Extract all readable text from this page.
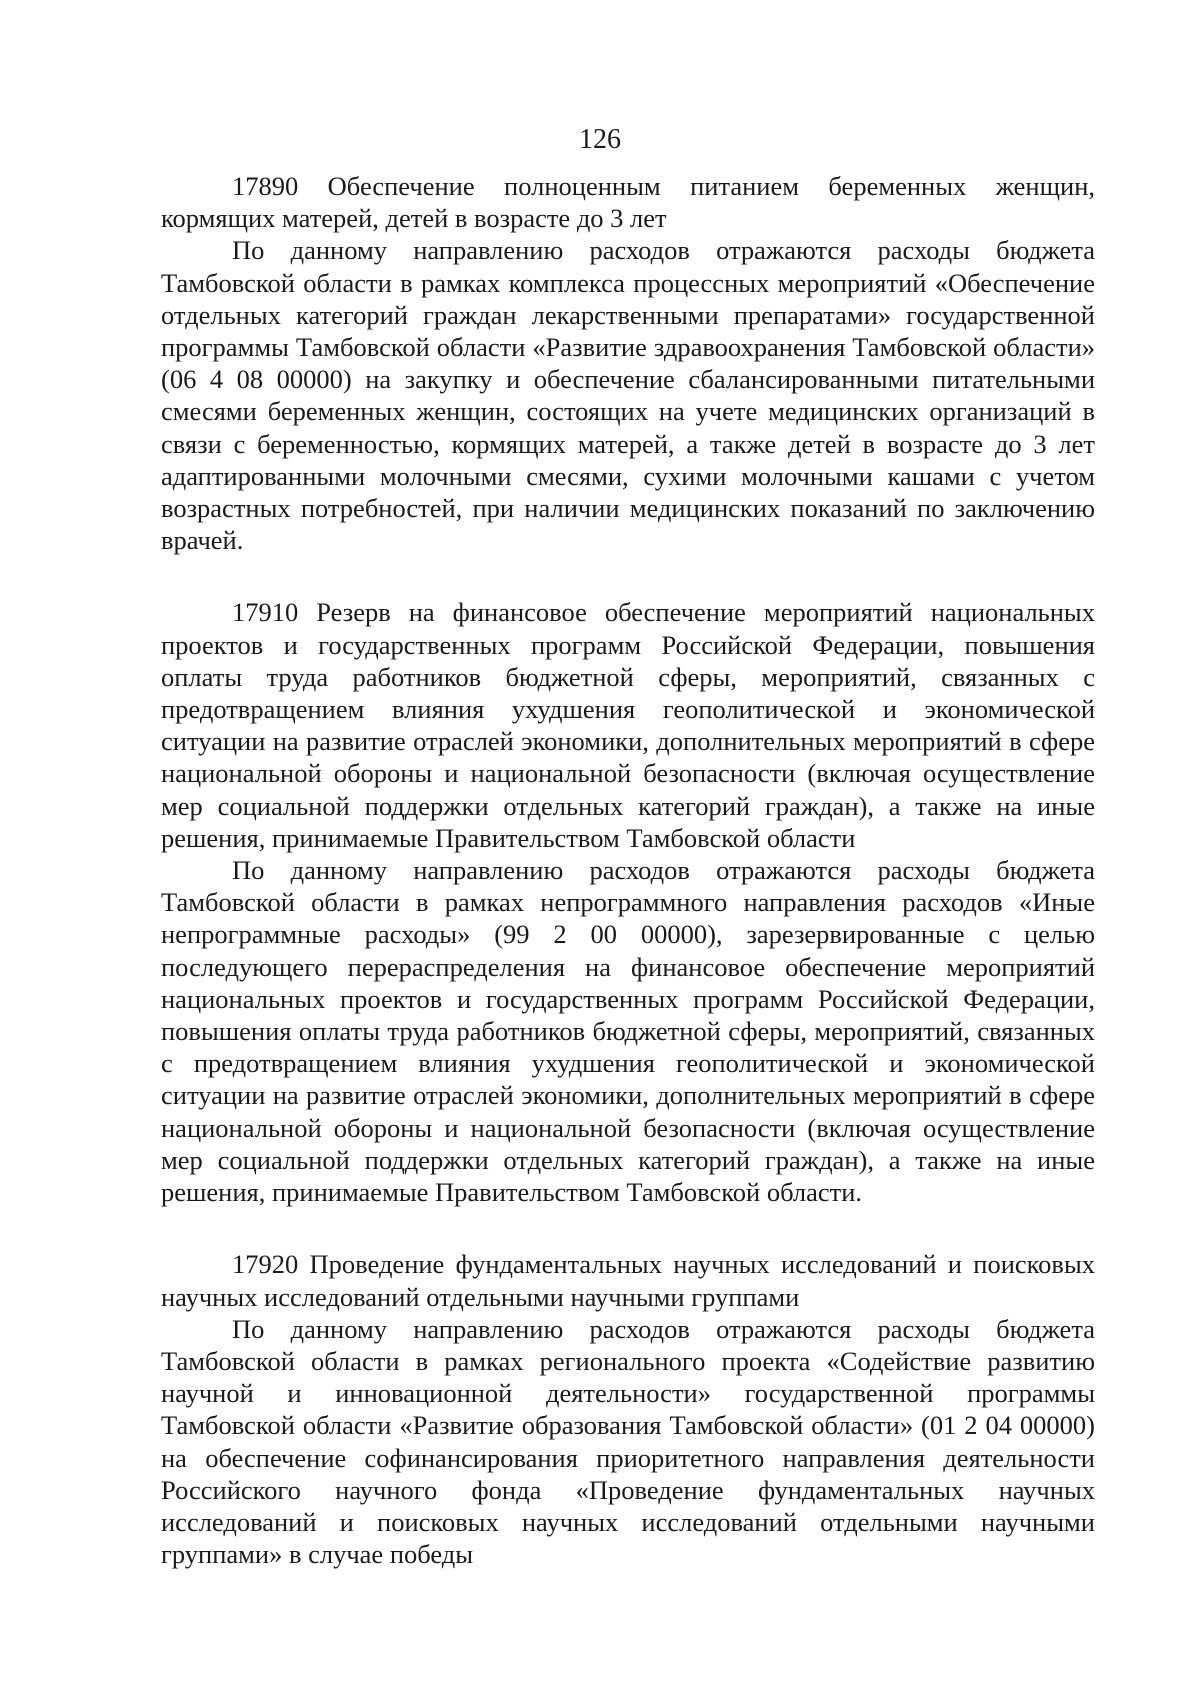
126

17890 Обеспечение полноценным питанием беременных женщин, кормящих матерей, детей в возрасте до 3 лет

По данному направлению расходов отражаются расходы бюджета Тамбовской области в рамках комплекса процессных мероприятий «Обеспечение отдельных категорий граждан лекарственными препаратами» государственной программы Тамбовской области «Развитие здравоохранения Тамбовской области» (06 4 08 00000) на закупку и обеспечение сбалансированными питательными смесями беременных женщин, состоящих на учете медицинских организаций в связи с беременностью, кормящих матерей, а также детей в возрасте до 3 лет адаптированными молочными смесями, сухими молочными кашами с учетом возрастных потребностей, при наличии медицинских показаний по заключению врачей.

17910 Резерв на финансовое обеспечение мероприятий национальных проектов и государственных программ Российской Федерации, повышения оплаты труда работников бюджетной сферы, мероприятий, связанных с предотвращением влияния ухудшения геополитической и экономической ситуации на развитие отраслей экономики, дополнительных мероприятий в сфере национальной обороны и национальной безопасности (включая осуществление мер социальной поддержки отдельных категорий граждан), а также на иные решения, принимаемые Правительством Тамбовской области

По данному направлению расходов отражаются расходы бюджета Тамбовской области в рамках непрограммного направления расходов «Иные непрограммные расходы» (99 2 00 00000), зарезервированные с целью последующего перераспределения на финансовое обеспечение мероприятий национальных проектов и государственных программ Российской Федерации, повышения оплаты труда работников бюджетной сферы, мероприятий, связанных с предотвращением влияния ухудшения геополитической и экономической ситуации на развитие отраслей экономики, дополнительных мероприятий в сфере национальной обороны и национальной безопасности (включая осуществление мер социальной поддержки отдельных категорий граждан), а также на иные решения, принимаемые Правительством Тамбовской области.

17920 Проведение фундаментальных научных исследований и поисковых научных исследований отдельными научными группами

По данному направлению расходов отражаются расходы бюджета Тамбовской области в рамках регионального проекта «Содействие развитию научной и инновационной деятельности» государственной программы Тамбовской области «Развитие образования Тамбовской области» (01 2 04 00000) на обеспечение софинансирования приоритетного направления деятельности Российского научного фонда «Проведение фундаментальных научных исследований и поисковых научных исследований отдельными научными группами» в случае победы
